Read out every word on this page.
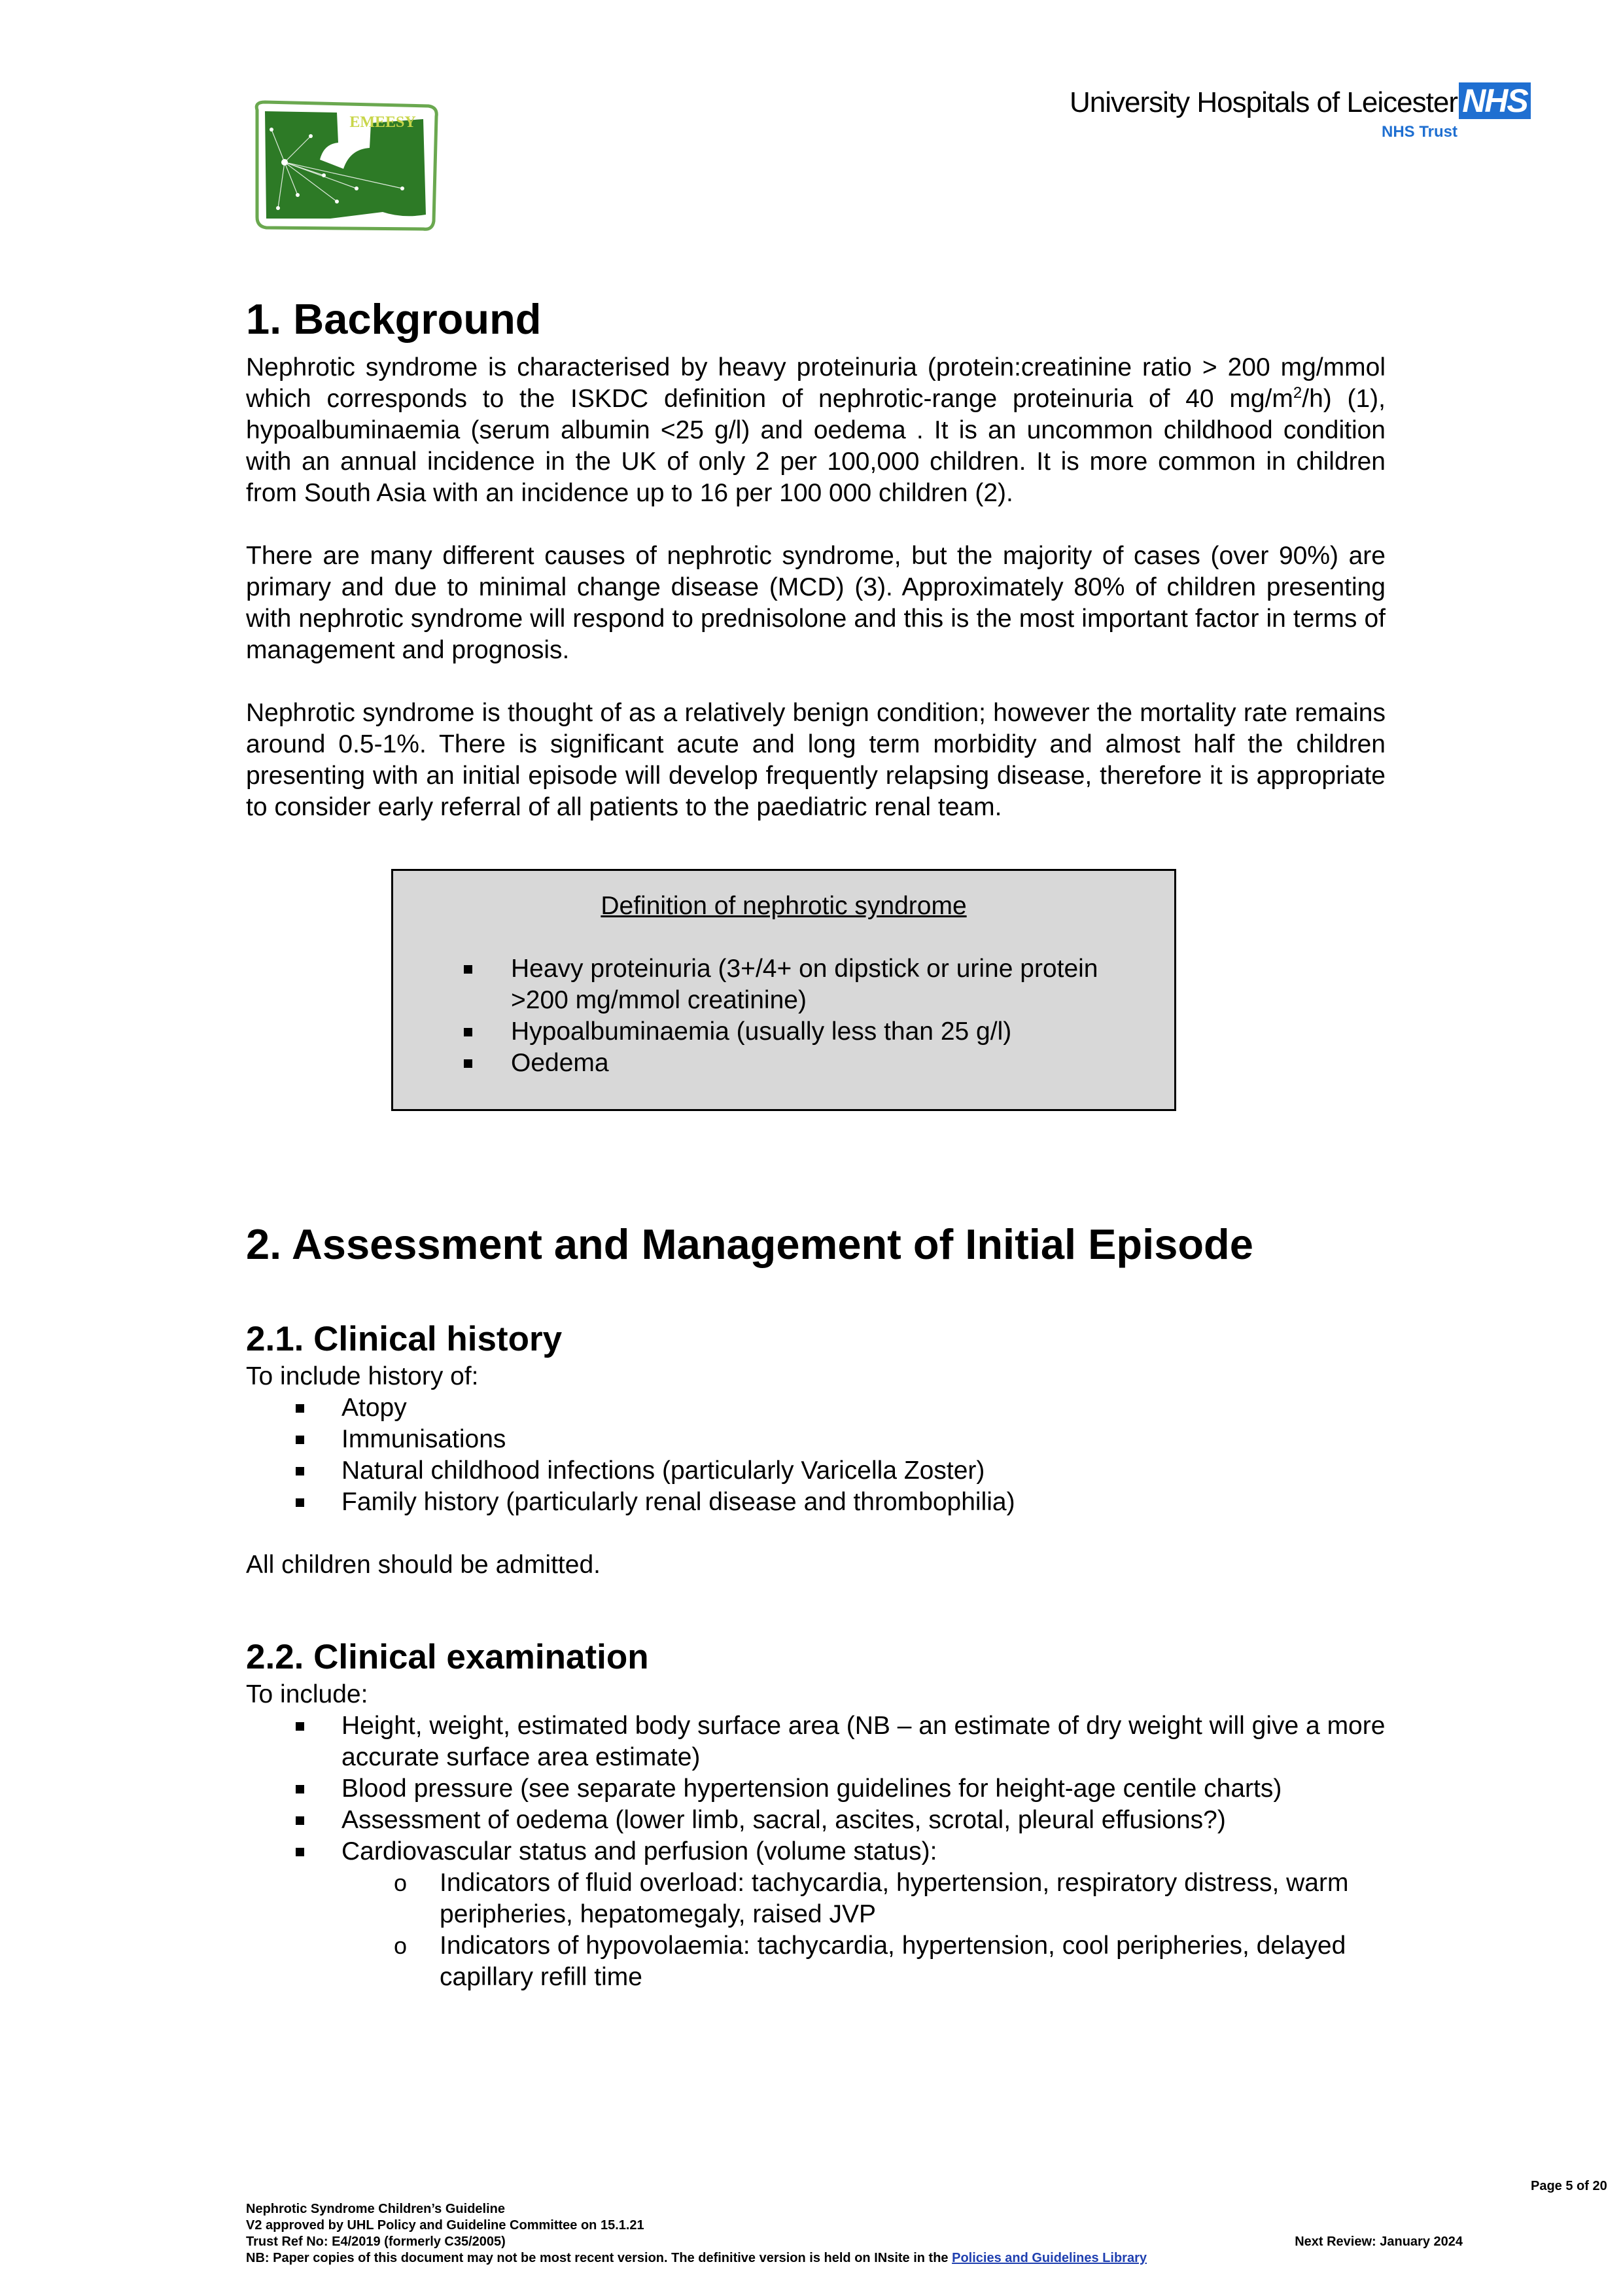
EMEESY
University Hospitals of Leicester NHS
NHS Trust
1. Background

Nephrotic syndrome is characterised by heavy proteinuria (protein:creatinine ratio > 200 mg/mmol which corresponds to the ISKDC definition of nephrotic-range proteinuria of 40 $mg/m^2/h$) (1), hypoalbuminaemia (serum albumin <25 g/l) and oedema . It is an uncommon childhood condition with an annual incidence in the UK of only 2 per 100,000 children. It is more common in children from South Asia with an incidence up to 16 per 100 000 children (2).

There are many different causes of nephrotic syndrome, but the majority of cases (over 90%) are primary and due to minimal change disease (MCD) (3). Approximately 80% of children presenting with nephrotic syndrome will respond to prednisolone and this is the most important factor in terms of management and prognosis.

Nephrotic syndrome is thought of as a relatively benign condition; however the mortality rate remains around 0.5-1%. There is significant acute and long term morbidity and almost half the children presenting with an initial episode will develop frequently relapsing disease, therefore it is appropriate to consider early referral of all patients to the paediatric renal team.

Definition of nephrotic syndrome
Heavy proteinuria (3+/4+ on dipstick or urine protein >200 mg/mmol creatinine)
Hypoalbuminaemia (usually less than 25 g/l)
Oedema
2. Assessment and Management of Initial Episode
2.1. Clinical history

To include history of:

Atopy
Immunisations
Natural childhood infections (particularly Varicella Zoster)
Family history (particularly renal disease and thrombophilia)

All children should be admitted.

2.2. Clinical examination

To include:

Height, weight, estimated body surface area (NB – an estimate of dry weight will give a more accurate surface area estimate)
Blood pressure (see separate hypertension guidelines for height-age centile charts)
Assessment of oedema (lower limb, sacral, ascites, scrotal, pleural effusions?)
Cardiovascular status and perfusion (volume status):
o Indicators of fluid overload: tachycardia, hypertension, respiratory distress, warm peripheries, hepatomegaly, raised JVP
o Indicators of hypovolaemia: tachycardia, hypertension, cool peripheries, delayed capillary refill time
Page 5 of 20
Nephrotic Syndrome Children’s Guideline
V2 approved by UHL Policy and Guideline Committee on 15.1.21
Trust Ref No: E4/2019 (formerly C35/2005)	Next Review: January 2024
NB: Paper copies of this document may not be most recent version. The definitive version is held on INsite in the Policies and Guidelines Library
